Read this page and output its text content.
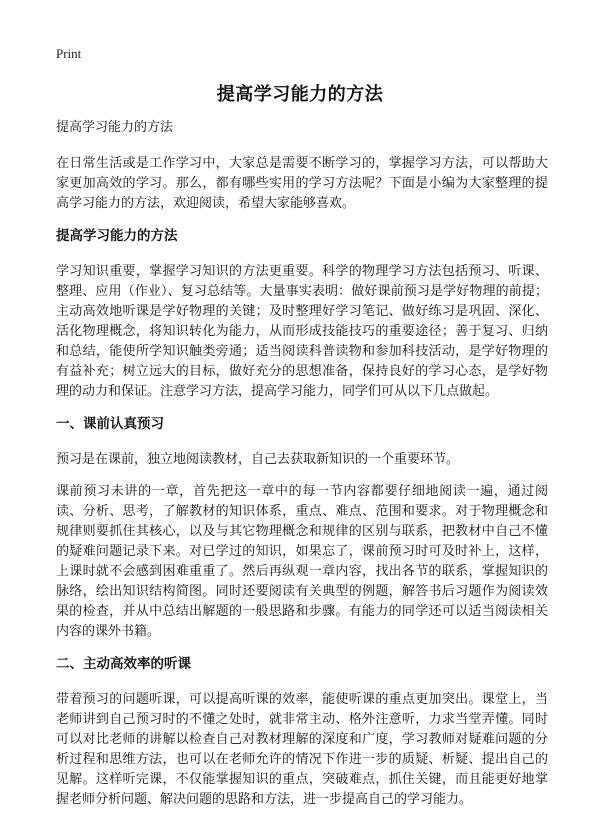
Print
提高学习能力的方法

提高学习能力的方法

在日常生活或是工作学习中，大家总是需要不断学习的，掌握学习方法，可以帮助大家更加高效的学习。那么，都有哪些实用的学习方法呢？下面是小编为大家整理的提高学习能力的方法，欢迎阅读，希望大家能够喜欢。

提高学习能力的方法

学习知识重要，掌握学习知识的方法更重要。科学的物理学习方法包括预习、听课、整理、应用（作业）、复习总结等。大量事实表明：做好课前预习是学好物理的前提；主动高效地听课是学好物理的关键；及时整理好学习笔记、做好练习是巩固、深化、活化物理概念，将知识转化为能力，从而形成技能技巧的重要途径；善于复习、归纳和总结，能使所学知识触类旁通；适当阅读科普读物和参加科技活动，是学好物理的有益补充；树立远大的目标，做好充分的思想准备，保持良好的学习心态，是学好物理的动力和保证。注意学习方法，提高学习能力，同学们可从以下几点做起。

一、课前认真预习

预习是在课前，独立地阅读教材，自己去获取新知识的一个重要环节。

课前预习未讲的一章，首先把这一章中的每一节内容都要仔细地阅读一遍，通过阅读、分析、思考，了解教材的知识体系，重点、难点、范围和要求。对于物理概念和规律则要抓住其核心，以及与其它物理概念和规律的区别与联系，把教材中自己不懂的疑难问题记录下来。对已学过的知识，如果忘了，课前预习时可及时补上，这样，上课时就不会感到困难重重了。然后再纵观一章内容，找出各节的联系，掌握知识的脉络，绘出知识结构简图。同时还要阅读有关典型的例题，解答书后习题作为阅读效果的检查，并从中总结出解题的一般思路和步骤。有能力的同学还可以适当阅读相关内容的课外书籍。

二、主动高效率的听课

带着预习的问题听课，可以提高听课的效率，能使听课的重点更加突出。课堂上，当老师讲到自己预习时的不懂之处时，就非常主动、格外注意听，力求当堂弄懂。同时可以对比老师的讲解以检查自己对教材理解的深度和广度，学习教师对疑难问题的分析过程和思维方法，也可以在老师允许的情况下作进一步的质疑、析疑、提出自己的见解。这样听完课，不仅能掌握知识的重点，突破难点，抓住关键，而且能更好地掌握老师分析问题、解决问题的思路和方法，进一步提高自己的学习能力。
